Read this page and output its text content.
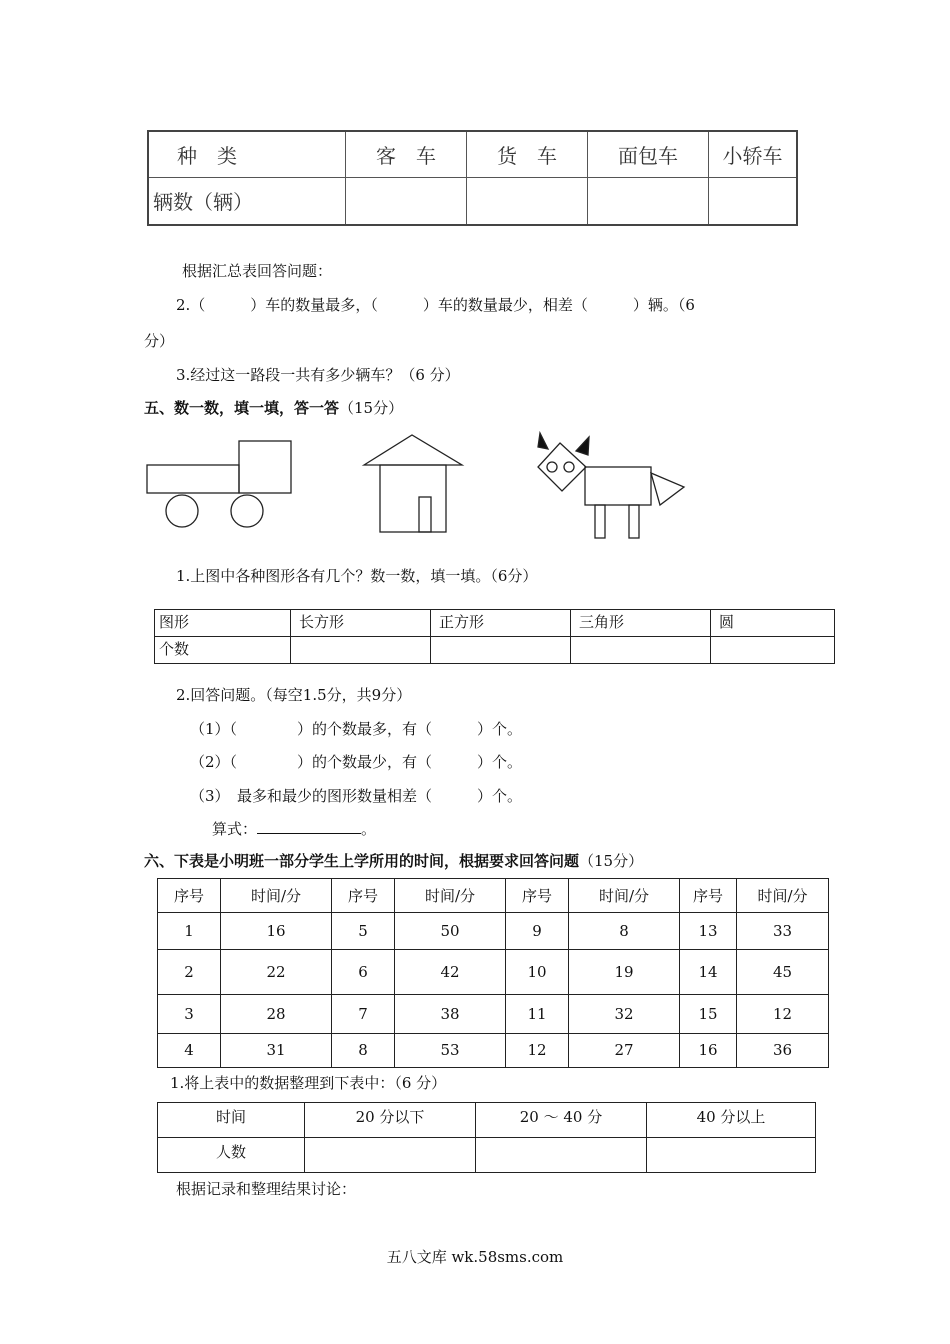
种　类	客　车	货　车	面包车	小轿车
辆数（辆）				
根据汇总表回答问题：
2.（　　　）车的数量最多，（　　　）车的数量最少，相差（　　　）辆。（6
分）
3.经过这一路段一共有多少辆车？（6 分）
五、数一数，填一填，答一答（15分）
1.上图中各种图形各有几个？数一数，填一填。（6分）
图形	长方形	正方形	三角形	圆
个数				
2.回答问题。（每空1.5分，共9分）
（1）（　　　　）的个数最多，有（　　　）个。
（2）（　　　　）的个数最少，有（　　　）个。
（3）　最多和最少的图形数量相差（　　　）个。
算式：	。
六、下表是小明班一部分学生上学所用的时间，根据要求回答问题（15分）
序号	时间/分	序号	时间/分	序号	时间/分	序号	时间/分
1	16	5	50	9	8	13	33
2	22	6	42	10	19	14	45
3	28	7	38	11	32	15	12
4	31	8	53	12	27	16	36
1.将上表中的数据整理到下表中：（6 分）
时间	20 分以下	20 ～ 40 分	40 分以上
人数			
根据记录和整理结果讨论：
五八文库 wk.58sms.com
